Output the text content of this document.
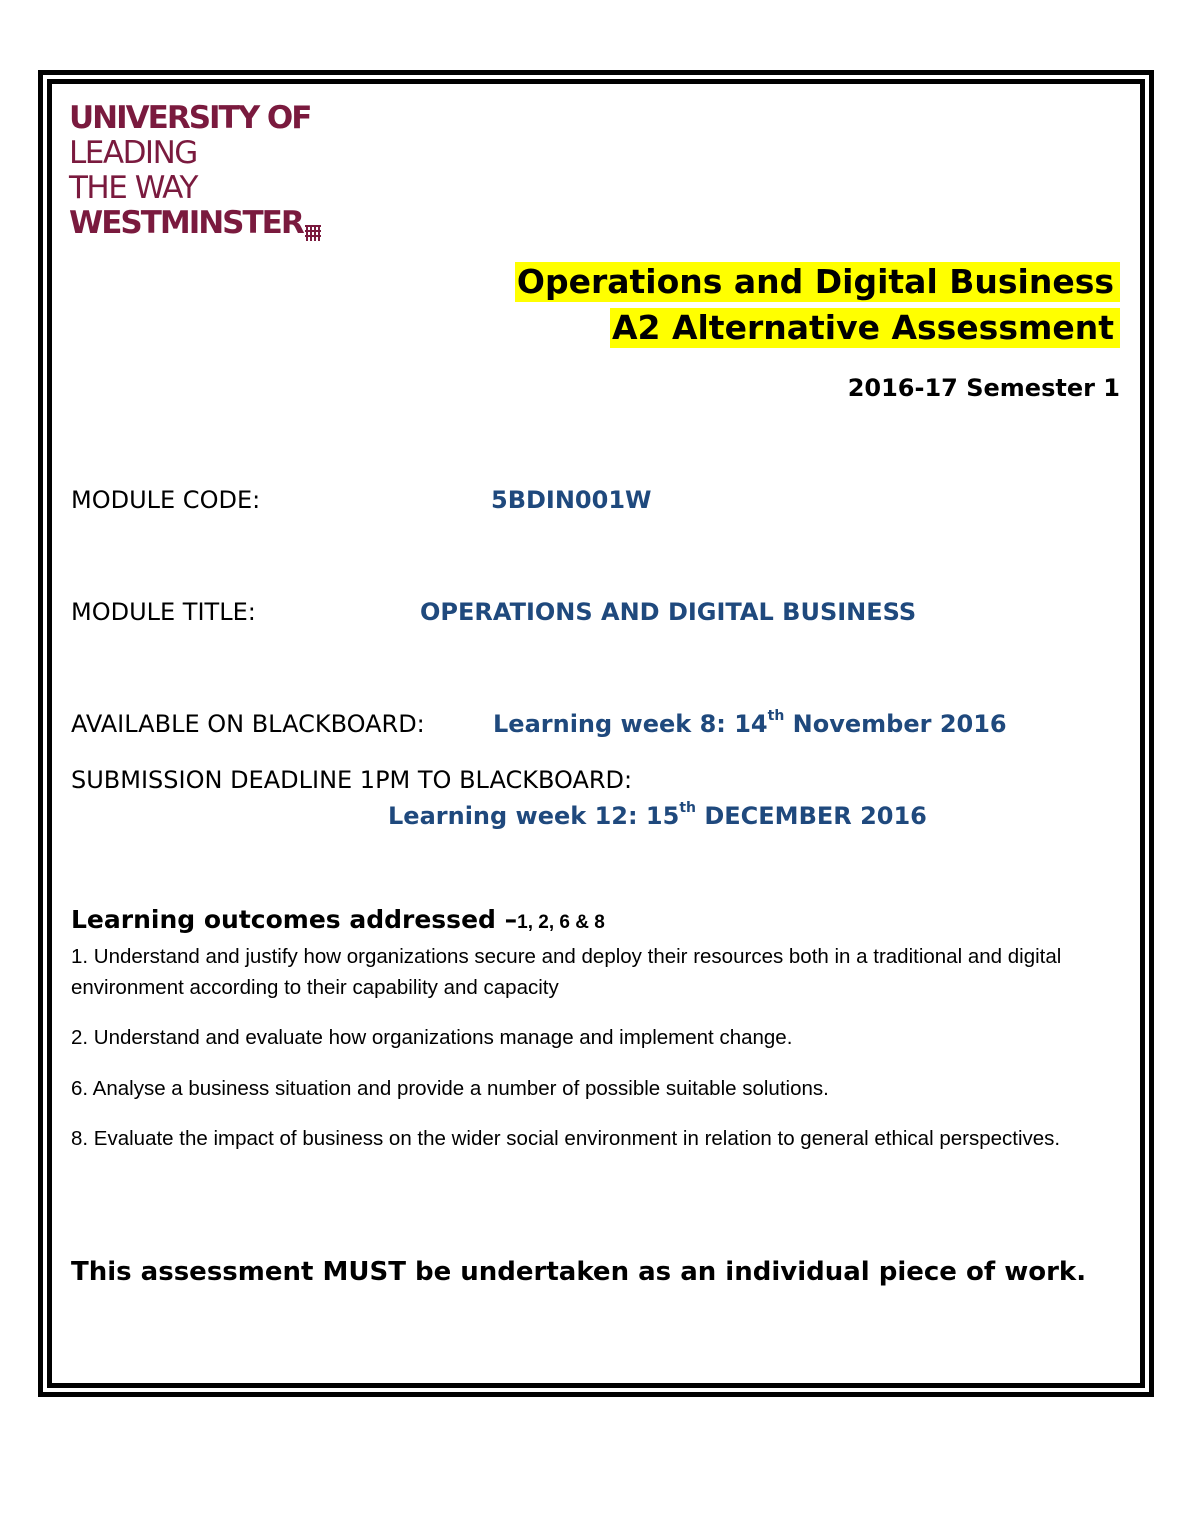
UNIVERSITY OF
LEADING
THE WAY
WESTMINSTER
Operations and Digital Business
A2 Alternative Assessment
2016-17 Semester 1
MODULE CODE:	5BDIN001W
MODULE TITLE:	OPERATIONS AND DIGITAL BUSINESS
AVAILABLE ON BLACKBOARD:	Learning week 8: 14th November 2016
SUBMISSION DEADLINE 1PM TO BLACKBOARD:
Learning week 12: 15th DECEMBER 2016
Learning outcomes addressed –1, 2, 6 & 8
1. Understand and justify how organizations secure and deploy their resources both in a traditional and digital environment according to their capability and capacity
2. Understand and evaluate how organizations manage and implement change.
6. Analyse a business situation and provide a number of possible suitable solutions.
8. Evaluate the impact of business on the wider social environment in relation to general ethical perspectives.
This assessment MUST be undertaken as an individual piece of work.
